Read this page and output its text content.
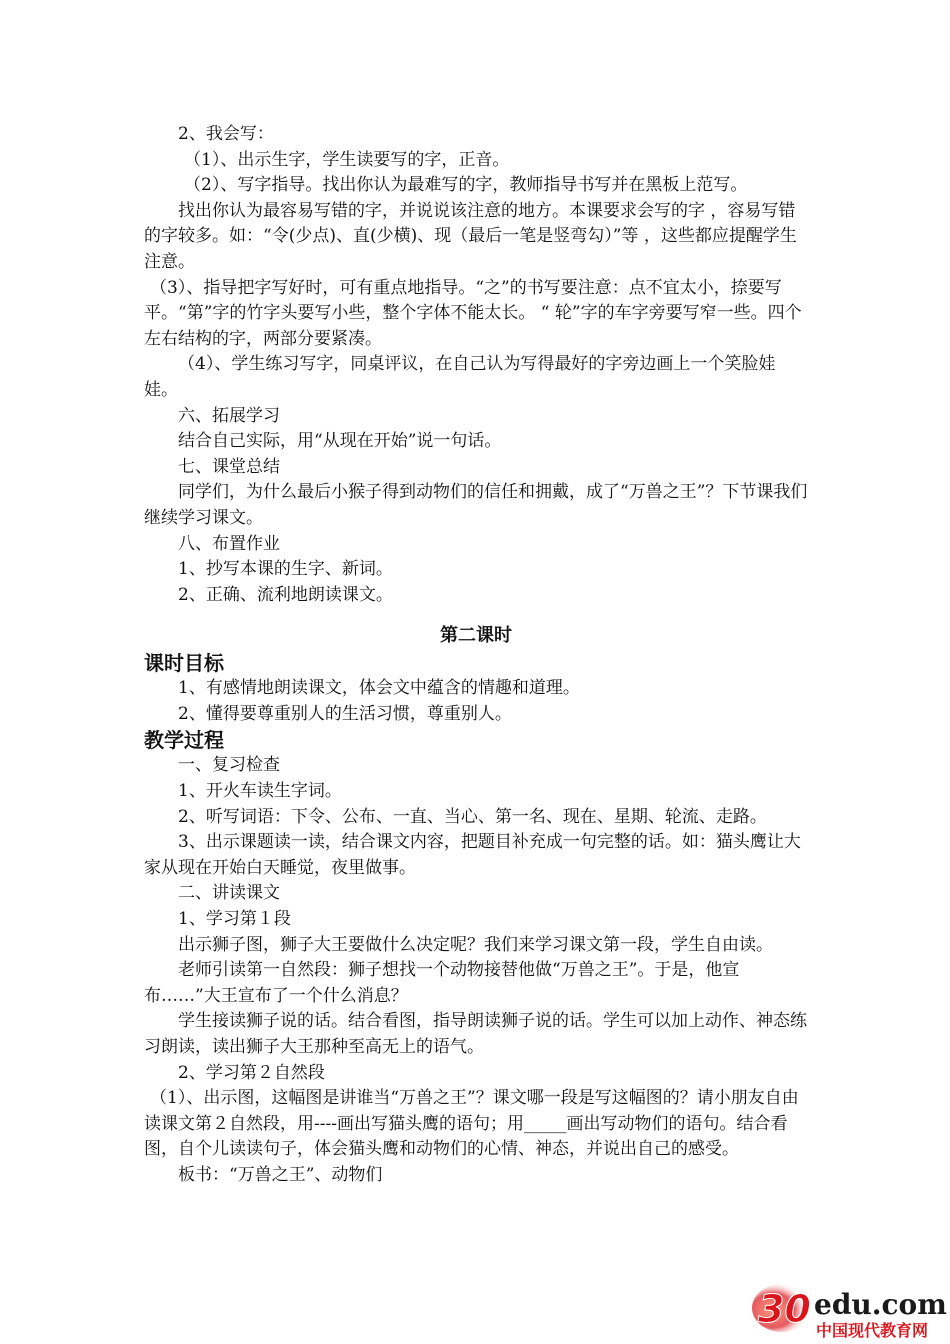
2、我会写：

（1）、出示生字，学生读要写的字，正音。

（2）、写字指导。找出你认为最难写的字，教师指导书写并在黑板上范写。

找出你认为最容易写错的字，并说说该注意的地方。本课要求会写的字 ，容易写错的字较多。如：“令(少点)、直(少横)、现（最后一笔是竖弯勾）”等 ，这些都应提醒学生注意。

（3）、指导把字写好时，可有重点地指导。“之”的书写要注意：点不宜太小，捺要写平。“第”字的竹字头要写小些，整个字体不能太长。 “ 轮”字的车字旁要写窄一些。四个左右结构的字，两部分要紧凑。

（4）、学生练习写字，同桌评议，在自己认为写得最好的字旁边画上一个笑脸娃娃。

六、拓展学习

结合自己实际，用“从现在开始”说一句话。

七、课堂总结

同学们，为什么最后小猴子得到动物们的信任和拥戴，成了“万兽之王”？下节课我们继续学习课文。

八、布置作业

1、抄写本课的生字、新词。

2、正确、流利地朗读课文。

第二课时

课时目标

1、有感情地朗读课文，体会文中蕴含的情趣和道理。

2、懂得要尊重别人的生活习惯，尊重别人。

教学过程

一、复习检查

1、开火车读生字词。

2、听写词语：下令、公布、一直、当心、第一名、现在、星期、轮流、走路。

3、出示课题读一读，结合课文内容，把题目补充成一句完整的话。如：猫头鹰让大家从现在开始白天睡觉，夜里做事。

二、讲读课文

1、学习第１段

出示狮子图，狮子大王要做什么决定呢？我们来学习课文第一段，学生自由读。

老师引读第一自然段：狮子想找一个动物接替他做“万兽之王”。于是，他宣布……”大王宣布了一个什么消息？

学生接读狮子说的话。结合看图，指导朗读狮子说的话。学生可以加上动作、神态练习朗读，读出狮子大王那种至高无上的语气。

2、学习第２自然段

（1）、出示图，这幅图是讲谁当“万兽之王”？课文哪一段是写这幅图的？请小朋友自由读课文第２自然段，用----画出写猫头鹰的语句；用_____画出写动物们的语句。结合看图，自个儿读读句子，体会猫头鹰和动物们的心情、神态，并说出自己的感受。

板书：“万兽之王”、动物们

30 edu.com
中国现代教育网
